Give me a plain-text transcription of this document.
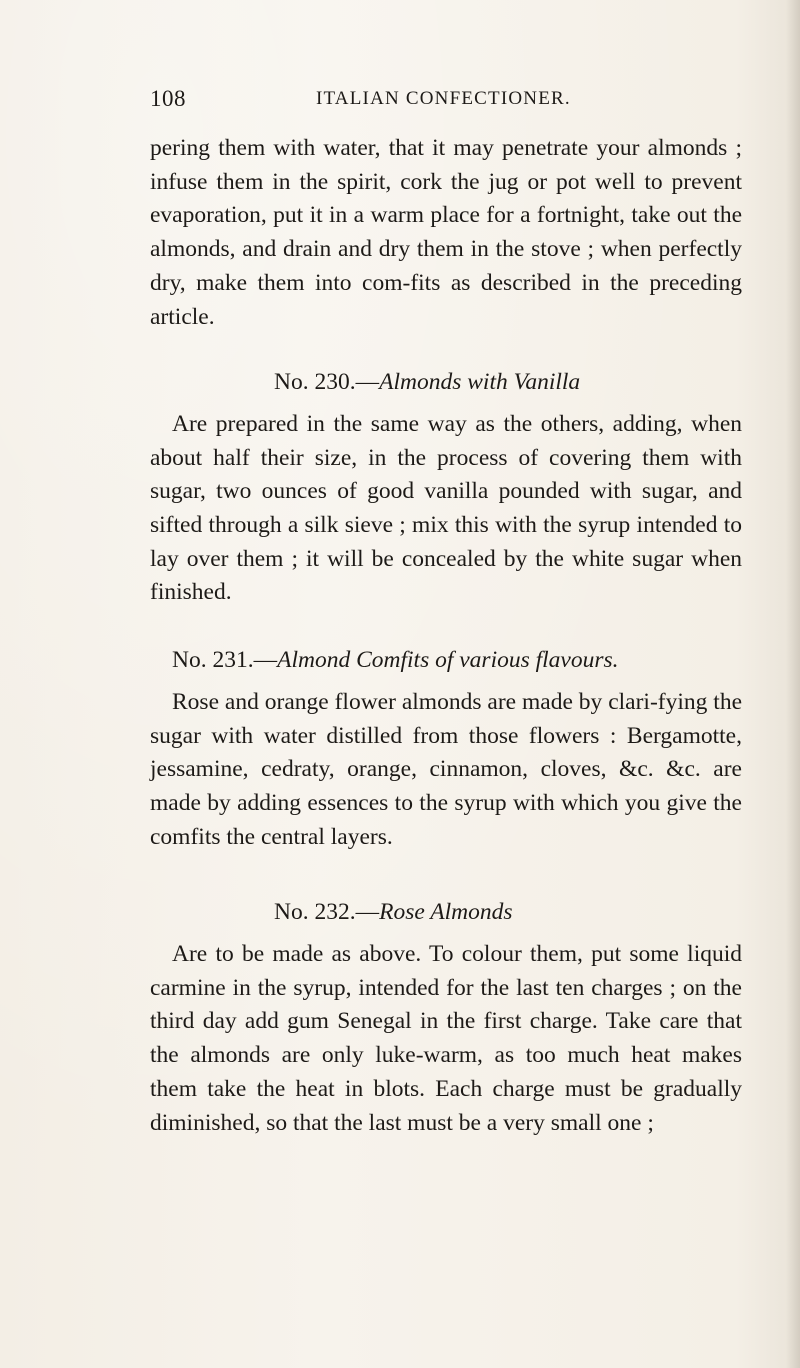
108	ITALIAN CONFECTIONER.

pering them with water, that it may penetrate your almonds ; infuse them in the spirit, cork the jug or pot well to prevent evaporation, put it in a warm place for a fortnight, take out the almonds, and drain and dry them in the stove ; when perfectly dry, make them into com-fits as described in the preceding article.

No. 230.—Almonds with Vanilla

Are prepared in the same way as the others, adding, when about half their size, in the process of covering them with sugar, two ounces of good vanilla pounded with sugar, and sifted through a silk sieve ; mix this with the syrup intended to lay over them ; it will be concealed by the white sugar when finished.

No. 231.—Almond Comfits of various flavours.

Rose and orange flower almonds are made by clari-fying the sugar with water distilled from those flowers : Bergamotte, jessamine, cedraty, orange, cinnamon, cloves, &c. &c. are made by adding essences to the syrup with which you give the comfits the central layers.

No. 232.—Rose Almonds

Are to be made as above. To colour them, put some liquid carmine in the syrup, intended for the last ten charges ; on the third day add gum Senegal in the first charge. Take care that the almonds are only luke-warm, as too much heat makes them take the heat in blots. Each charge must be gradually diminished, so that the last must be a very small one ;
